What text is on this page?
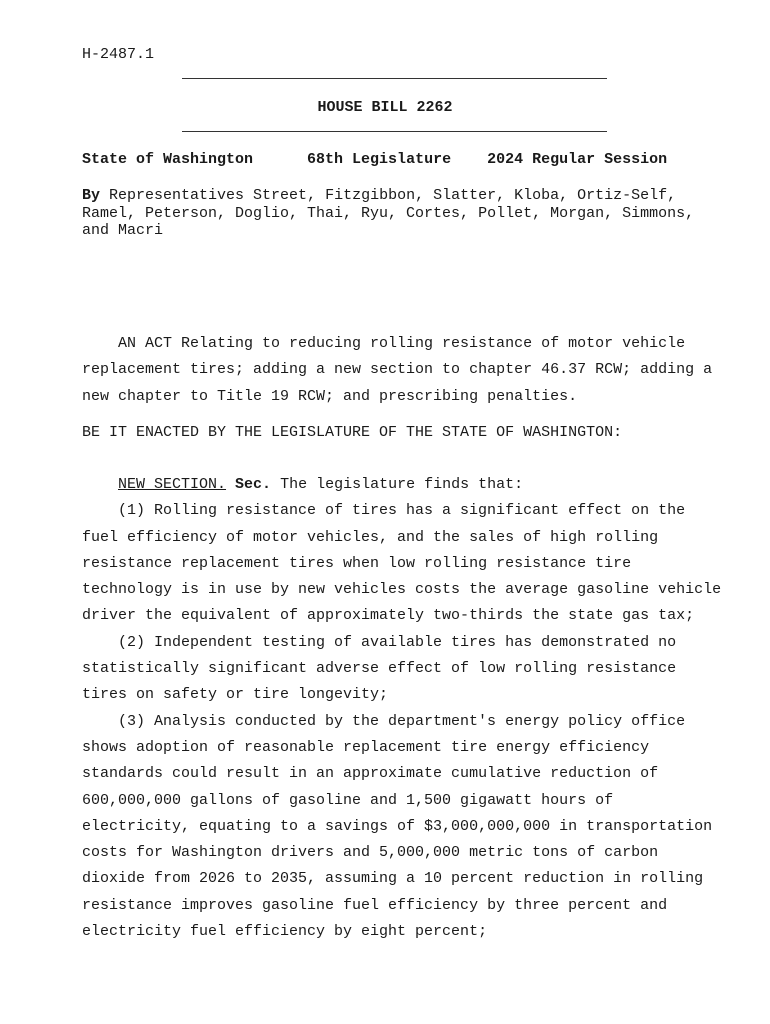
H-2487.1

HOUSE BILL 2262

State of Washington	68th Legislature 2024 Regular Session

By Representatives Street, Fitzgibbon, Slatter, Kloba, Ortiz-Self, Ramel, Peterson, Doglio, Thai, Ryu, Cortes, Pollet, Morgan, Simmons, and Macri

AN ACT Relating to reducing rolling resistance of motor vehicle replacement tires; adding a new section to chapter 46.37 RCW; adding a new chapter to Title 19 RCW; and prescribing penalties.

BE IT ENACTED BY THE LEGISLATURE OF THE STATE OF WASHINGTON:

NEW SECTION. Sec. The legislature finds that:

(1) Rolling resistance of tires has a significant effect on the fuel efficiency of motor vehicles, and the sales of high rolling resistance replacement tires when low rolling resistance tire technology is in use by new vehicles costs the average gasoline vehicle driver the equivalent of approximately two-thirds the state gas tax;

(2) Independent testing of available tires has demonstrated no statistically significant adverse effect of low rolling resistance tires on safety or tire longevity;

(3) Analysis conducted by the department's energy policy office shows adoption of reasonable replacement tire energy efficiency standards could result in an approximate cumulative reduction of 600,000,000 gallons of gasoline and 1,500 gigawatt hours of electricity, equating to a savings of $3,000,000,000 in transportation costs for Washington drivers and 5,000,000 metric tons of carbon dioxide from 2026 to 2035, assuming a 10 percent reduction in rolling resistance improves gasoline fuel efficiency by three percent and electricity fuel efficiency by eight percent;
